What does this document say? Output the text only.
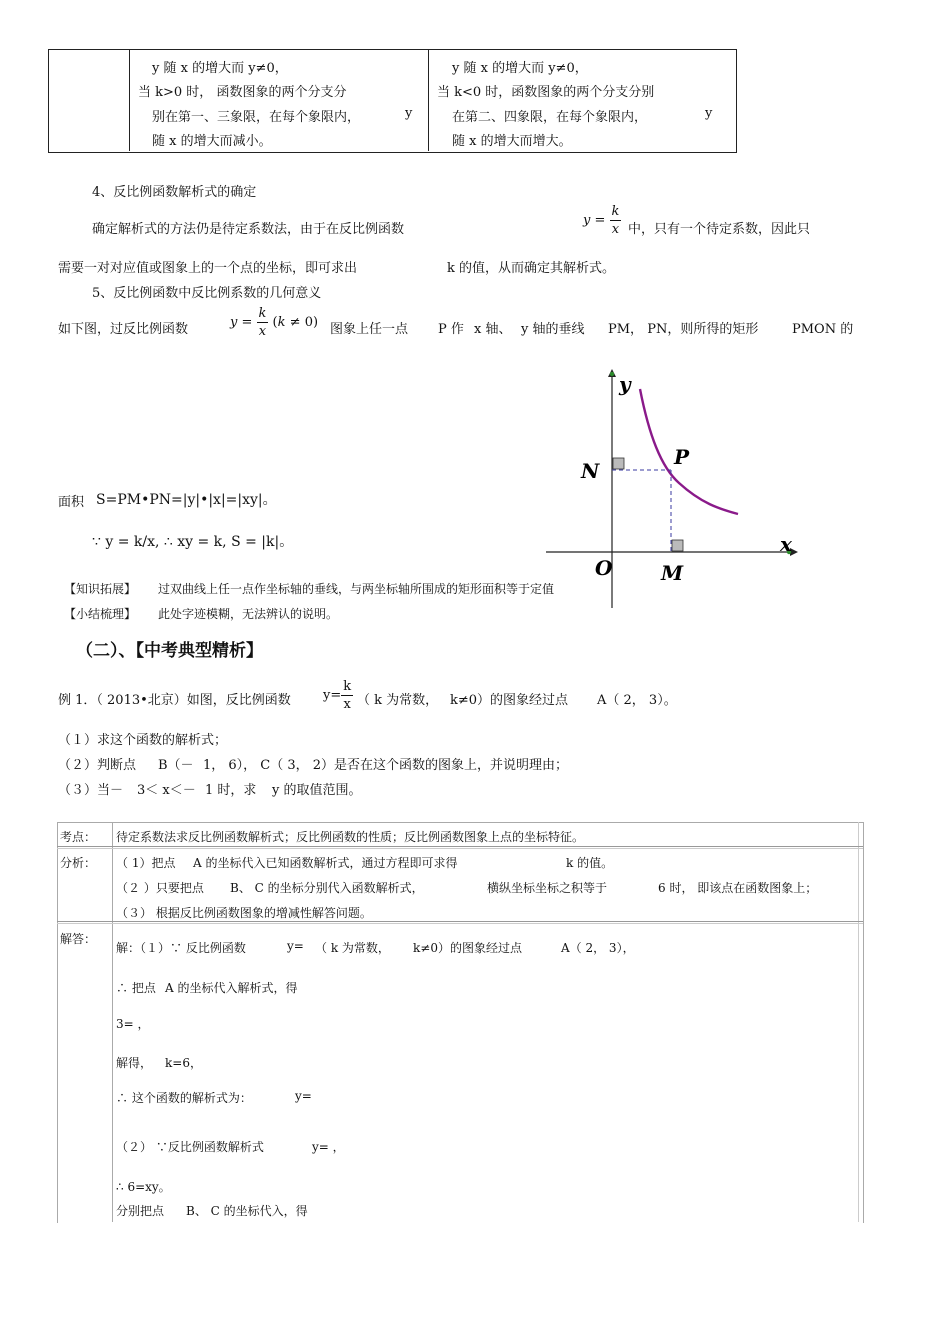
y 随 x 的增大而 y≠0，
当 k>0 时， 函数图象的两个分支分
别在第一、三象限，在每个象限内，	y
随 x 的增大而减小。
y 随 x 的增大而 y≠0，
当 k<0 时，函数图象的两个分支分别
在第二、四象限，在每个象限内，	y
随 x 的增大而增大。
4、反比例函数解析式的确定
确定解析式的方法仍是待定系数法，由于在反比例函数
$y = \frac{k}{x}$ 中，只有一个待定系数，因此只
需要一对对应值或图象上的一个点的坐标，即可求出	k 的值，从而确定其解析式。
5、反比例函数中反比例系数的几何意义
如下图，过反比例函数	$y = \frac{k}{x} (k \ne 0)$ 图象上任一点 P 作 x 轴、 y 轴的垂线 PM， PN，则所得的矩形	PMON 的
面积 S=PM•PN=|y|•|x|=|xy|。
∵ y = k/x, ∴ xy = k, S = |k|。
【知识拓展】 过双曲线上任一点作坐标轴的垂线，与两坐标轴所围成的矩形面积等于定值
【小结梳理】 此处字迹模糊，无法辨认的说明。
y
x
O
N
P
M
（二）、【中考典型精析】
例 1．（ 2013•北京）如图，反比例函数 $y= \frac{k}{x}$ （ k 为常数， k≠0）的图象经过点 A（ 2， 3）。
（１）求这个函数的解析式；
（２）判断点 B（－ 1， 6）， C（ 3， 2）是否在这个函数的图象上，并说明理由；
（３）当－ 3＜ x＜－ 1 时，求 y 的取值范围。
考点： 待定系数法求反比例函数解析式；反比例函数的性质；反比例函数图象上点的坐标特征。
分析： （ 1）把点 A 的坐标代入已知函数解析式，通过方程即可求得	k 的值。
（２ ）只要把点 B、 C 的坐标分别代入函数解析式，	横纵坐标坐标之积等于	6 时， 即该点在函数图象上；
（３） 根据反比例函数图象的增减性解答问题。
解答：
解：（１）∵ 反比例函数	y= （ k 为常数， k≠0）的图象经过点	A（ 2， 3），
∴ 把点 A 的坐标代入解析式，得
3= ，
解得， k=6，
∴ 这个函数的解析式为：	y=
（２） ∵反比例函数解析式	y= ，
∴ 6=xy。
分别把点 B、 C 的坐标代入，得
